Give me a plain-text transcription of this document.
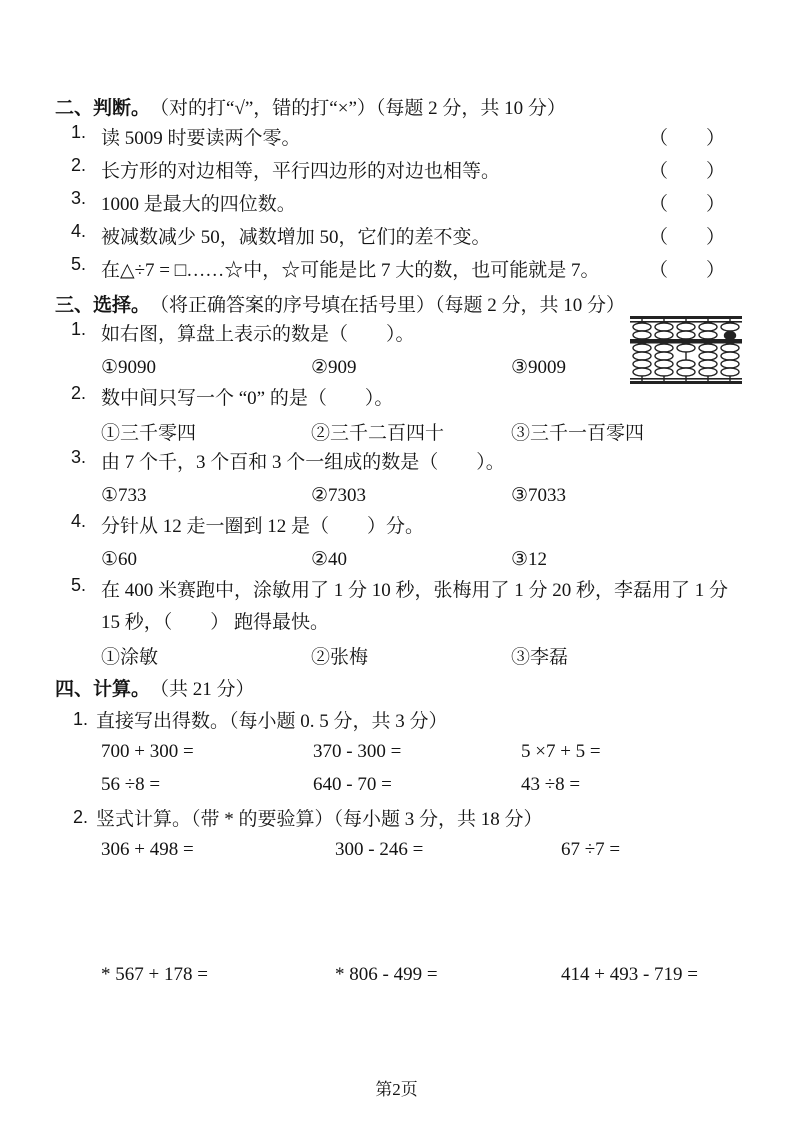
二、判断。 （对的打“√”，错的打“×”）（每题 2 分，共 10 分）
1. 读 5009 时要读两个零。	（　　）
2. 长方形的对边相等，平行四边形的对边也相等。	（　　）
3. 1000 是最大的四位数。	（　　）
4. 被减数减少 50，减数增加 50，它们的差不变。	（　　）
5. 在△÷7 = □……☆中，☆可能是比 7 大的数，也可能就是 7。	（　　）
三、选择。 （将正确答案的序号填在括号里）（每题 2 分，共 10 分）
1. 如右图，算盘上表示的数是（　　）。
①9090	②909	③9009
2. 数中间只写一个 “0” 的是（　　）。
①三千零四	②三千二百四十	③三千一百零四
3. 由 7 个千，3 个百和 3 个一组成的数是（　　）。
①733	②7303	③7033
4. 分针从 12 走一圈到 12 是（　　）分。
①60	②40	③12
5. 在 400 米赛跑中，涂敏用了 1 分 10 秒，张梅用了 1 分 20 秒，李磊用了 1 分 15 秒，（　　） 跑得最快。
①涂敏	②张梅	③李磊
四、计算。 （共 21 分）
1. 直接写出得数。（每小题 0. 5 分，共 3 分）
700 + 300 =	370 - 300 =	5 ×7 + 5 =
56 ÷8 =	640 - 70 =	43 ÷8 =
2. 竖式计算。（带 * 的要验算）（每小题 3 分，共 18 分）
306 + 498 =	300 - 246 =	67 ÷7 =
* 567 + 178 =	* 806 - 499 =	414 + 493 - 719 =
第2页
